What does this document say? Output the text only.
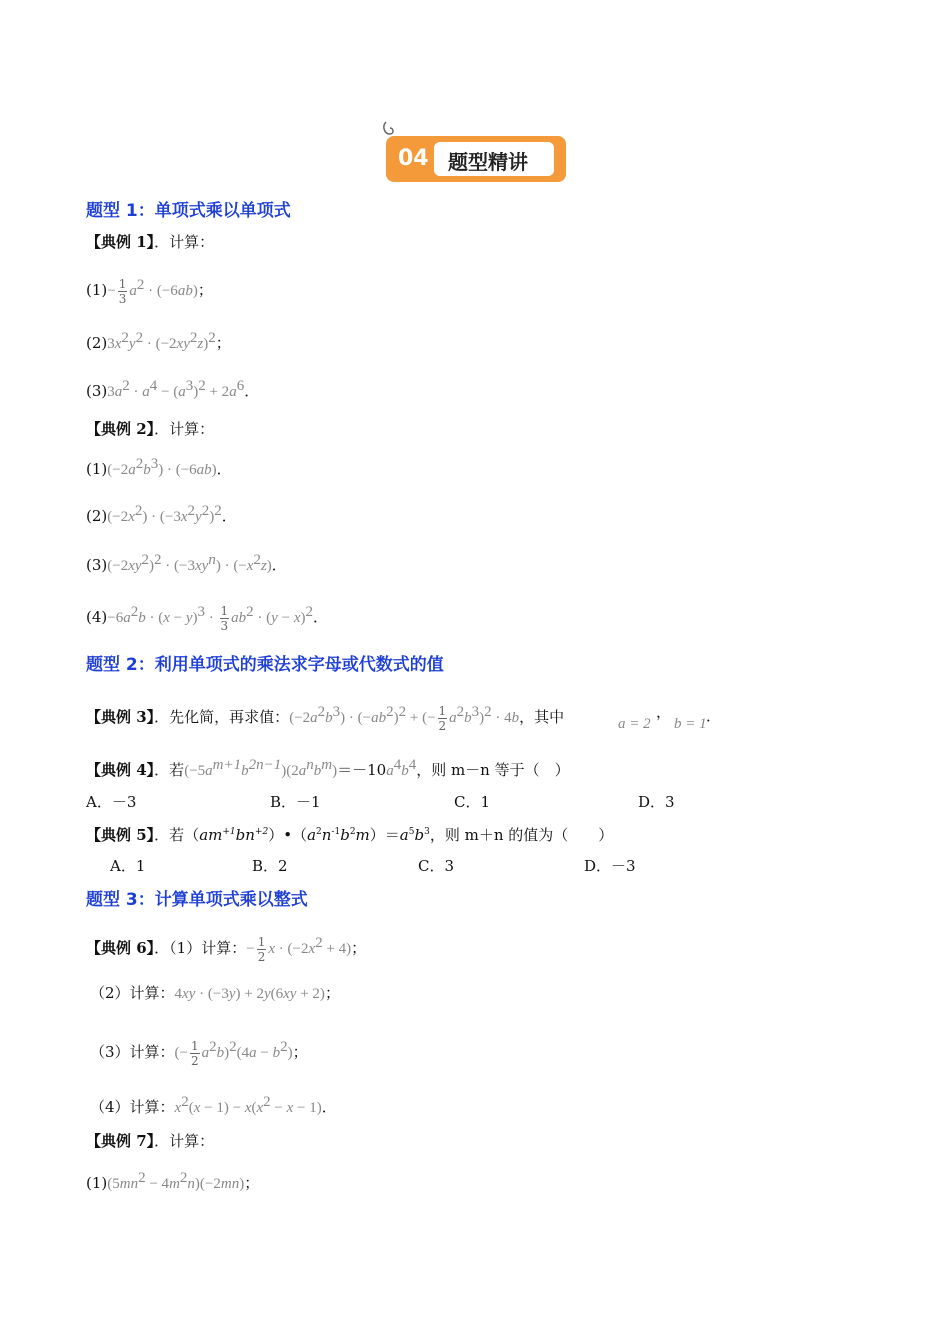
04 题型精讲
题型 1：单项式乘以单项式
【典例 1】．计算：
$(1)- \frac{1}{3} a^2 \cdot (-6ab)$；
$(2)3x^2y^2 \cdot (-2xy^2z)^2$；
$(3)3a^2 \cdot a^4 - (a^3)^2 + 2a^6$．
【典例 2】．计算：
$(1)(-2a^2b^3) \cdot (-6ab)$．
$(2)(-2x^2) \cdot (-3x^2y^2)^2$．
$(3)(-2xy^2)^2 \cdot (-3xy^n) \cdot (-x^2z)$．
$(4)-6a^2b \cdot (x - y)^3 \cdot \frac{1}{3} ab^2 \cdot (y - x)^2$．
题型 2：利用单项式的乘法求字母或代数式的值
【典例 3】．先化简，再求值：$(-2a^2b^3) \cdot (-ab^2)^2$ + (− $\frac{1}{2} a^2b^3)^2 \cdot 4b$，其中	a = 2
，
b = 1 ．
【典例 4】．若$(-5a^{m+1}b^{2n-1})(2a^nb^m)=-10a^4b^4$，则 m－n 等于（　）
A．－3	B．－1	C．1	D．3
【典例 5】．若$(am^{+1}bn^{+2})•(a^2n^{-1}b^2m)=a^5b^3$，则 m＋n 的值为（　　）
A．1	B．2	C．3	D．－3
题型 3：计算单项式乘以整式
【典例 6】．（1）计算：− $\frac{1}{2}$ $x \cdot (-2x^2 + 4)$；
（2）计算：4xy · (−3y) + 2y(6xy + 2)；
（3）计算：(− $\frac{1}{2} a^2b)^2(4a - b^2)$；
（4）计算：$x^2(x - 1) - x(x^2 - x - 1)$．
【典例 7】．计算：
$(1)(5mn^2 - 4m^2n)(-2mn)$；
